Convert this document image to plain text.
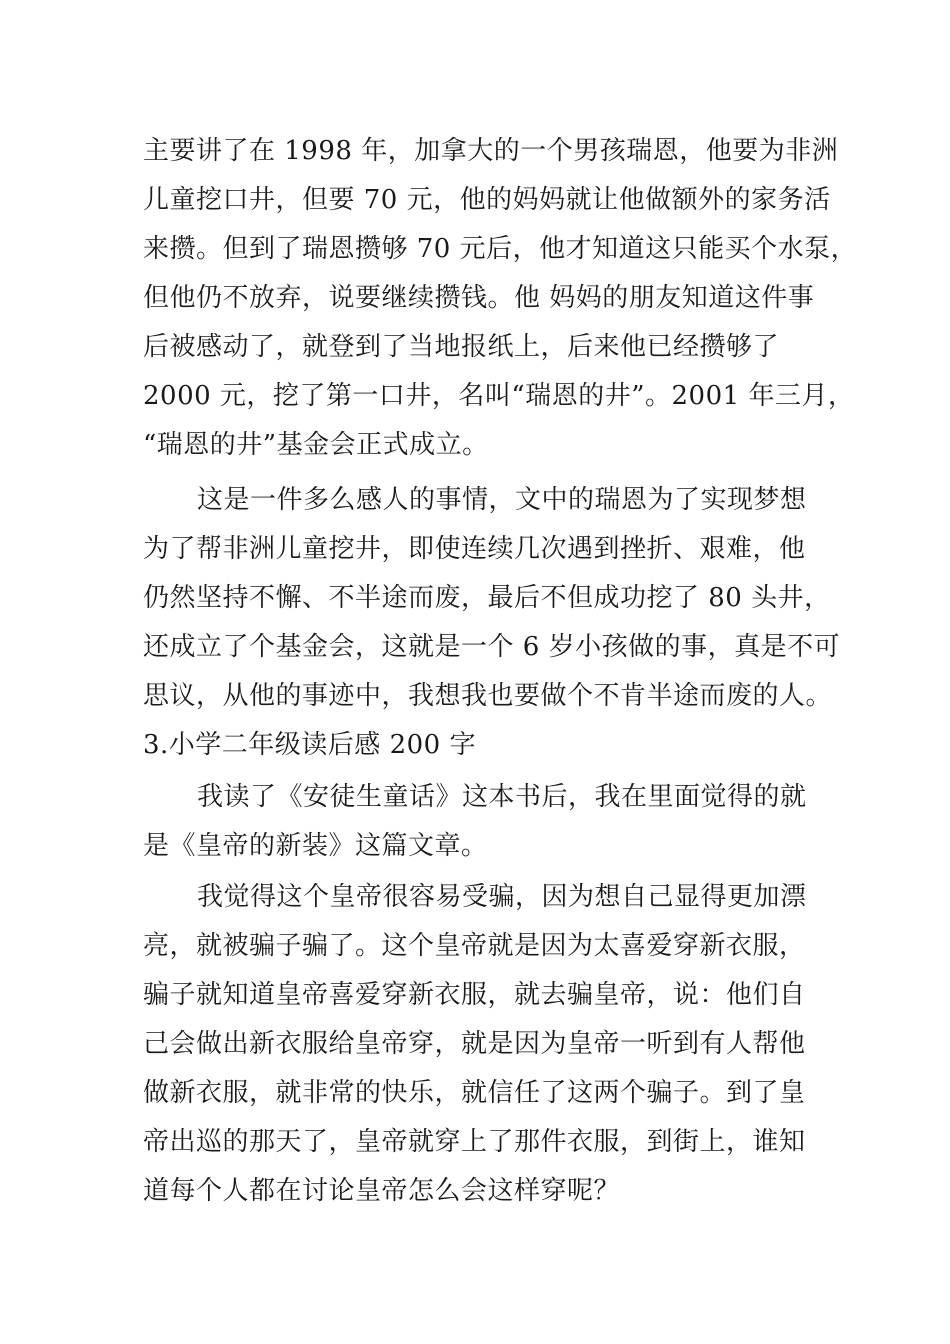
主要讲了在 1998 年，加拿大的一个男孩瑞恩，他要为非洲
儿童挖口井，但要 70 元，他的妈妈就让他做额外的家务活
来攒。但到了瑞恩攒够 70 元后，他才知道这只能买个水泵，
但他仍不放弃，说要继续攒钱。他 妈妈的朋友知道这件事
后被感动了，就登到了当地报纸上，后来他已经攒够了
2000 元，挖了第一口井，名叫“瑞恩的井”。2001 年三月，
“瑞恩的井”基金会正式成立。
这是一件多么感人的事情，文中的瑞恩为了实现梦想
为了帮非洲儿童挖井，即使连续几次遇到挫折、艰难，他
仍然坚持不懈、不半途而废，最后不但成功挖了 80 头井，
还成立了个基金会，这就是一个 6 岁小孩做的事，真是不可
思议，从他的事迹中，我想我也要做个不肯半途而废的人。
3.小学二年级读后感 200 字
我读了《安徒生童话》这本书后，我在里面觉得的就
是《皇帝的新装》这篇文章。
我觉得这个皇帝很容易受骗，因为想自己显得更加漂
亮，就被骗子骗了。这个皇帝就是因为太喜爱穿新衣服，
骗子就知道皇帝喜爱穿新衣服，就去骗皇帝，说：他们自
己会做出新衣服给皇帝穿，就是因为皇帝一听到有人帮他
做新衣服，就非常的快乐，就信任了这两个骗子。到了皇
帝出巡的那天了，皇帝就穿上了那件衣服，到街上，谁知
道每个人都在讨论皇帝怎么会这样穿呢？
